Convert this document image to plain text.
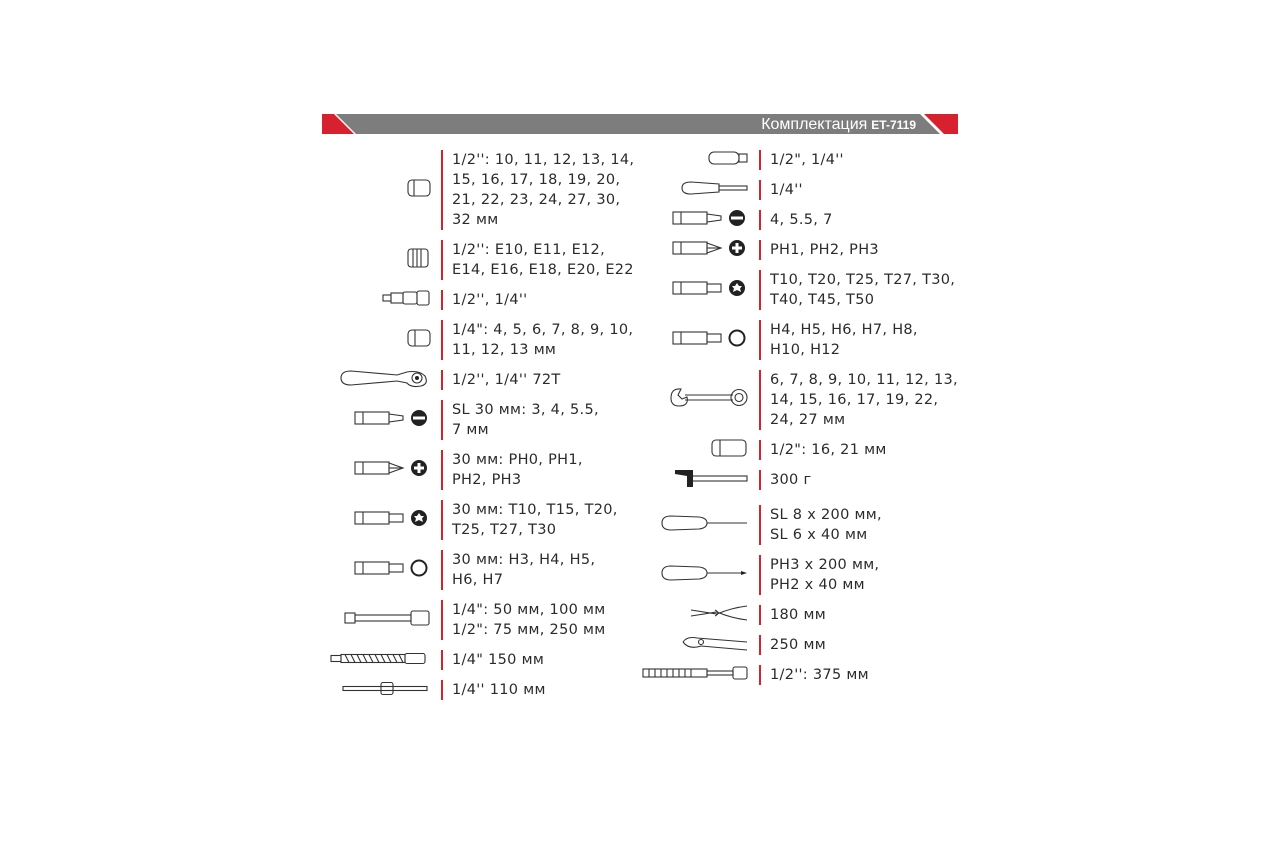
Комплектация ET-7119
1/2'': 10, 11, 12, 13, 14,
15, 16, 17, 18, 19, 20,
21, 22, 23, 24, 27, 30,
32 мм
1/2'': E10, E11, E12,
E14, E16, E18, E20, E22
1/2'', 1/4''
1/4": 4, 5, 6, 7, 8, 9, 10,
11, 12, 13 мм
1/2'', 1/4'' 72T
SL 30 мм: 3, 4, 5.5,
7 мм
30 мм: PH0, PH1,
PH2, PH3
30 мм: T10, T15, T20,
T25, T27, T30
30 мм: H3, H4, H5,
H6, H7
1/4": 50 мм, 100 мм
1/2": 75 мм, 250 мм
1/4" 150 мм
1/4'' 110 мм
1/2", 1/4''
1/4''
4, 5.5, 7
PH1, PH2, PH3
T10, T20, T25, T27, T30,
T40, T45, T50
H4, H5, H6, H7, H8,
H10, H12
6, 7, 8, 9, 10, 11, 12, 13,
14, 15, 16, 17, 19, 22,
24, 27 мм
1/2": 16, 21 мм
300 г
SL 8 x 200 мм,
SL 6 x 40 мм
PH3 x 200 мм,
PH2 x 40 мм
180 мм
250 мм
1/2'': 375 мм
